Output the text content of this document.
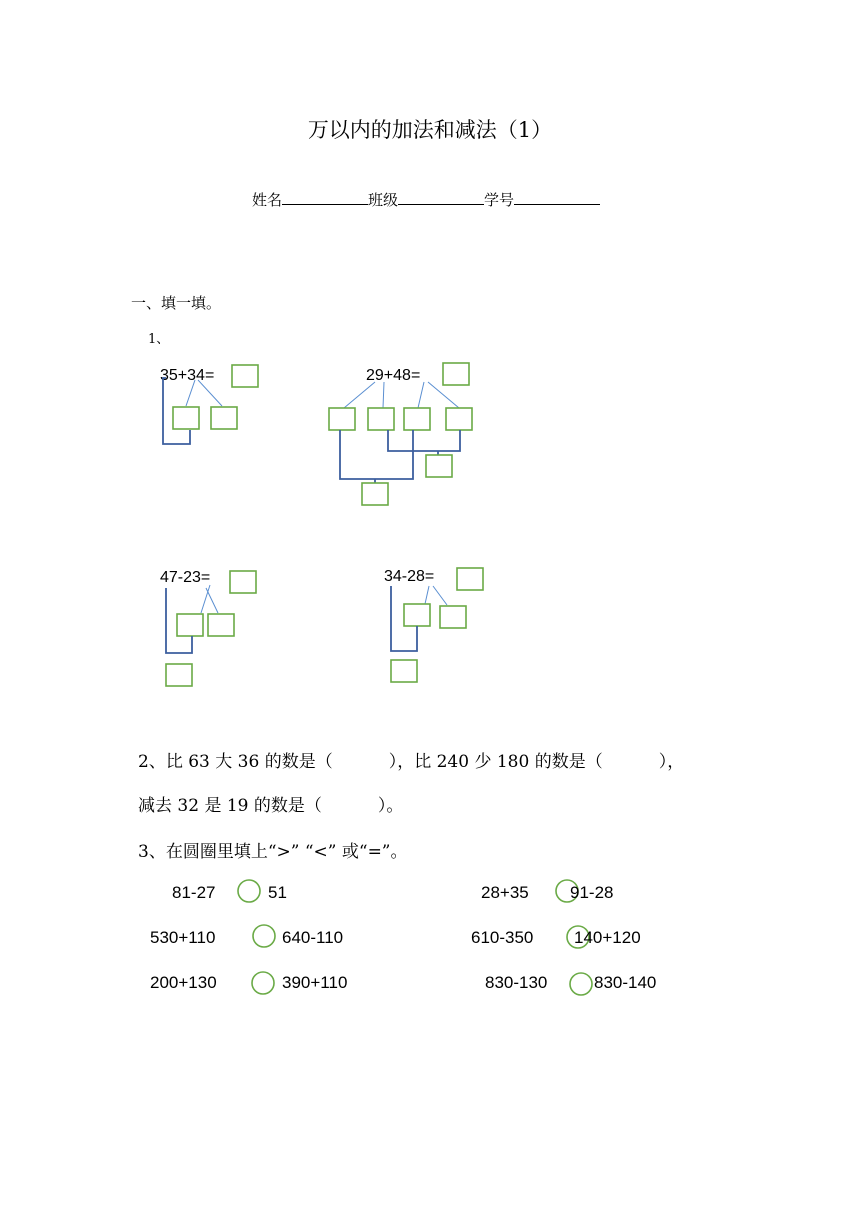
万以内的加法和减法（1）
姓名	班级	学号
一、填一填。
1、
35+34=	29+48=
47-23=	34-28=
2、比 63 大 36 的数是（	），比 240 少 180 的数是（	），
减去 32 是 19 的数是（	）。
3、在圆圈里填上“>” “<” 或“=”。
81-27	51
530+110	640-110
200+130	390+110
28+35 91-28
610-350 140+120
830-130	830-140
